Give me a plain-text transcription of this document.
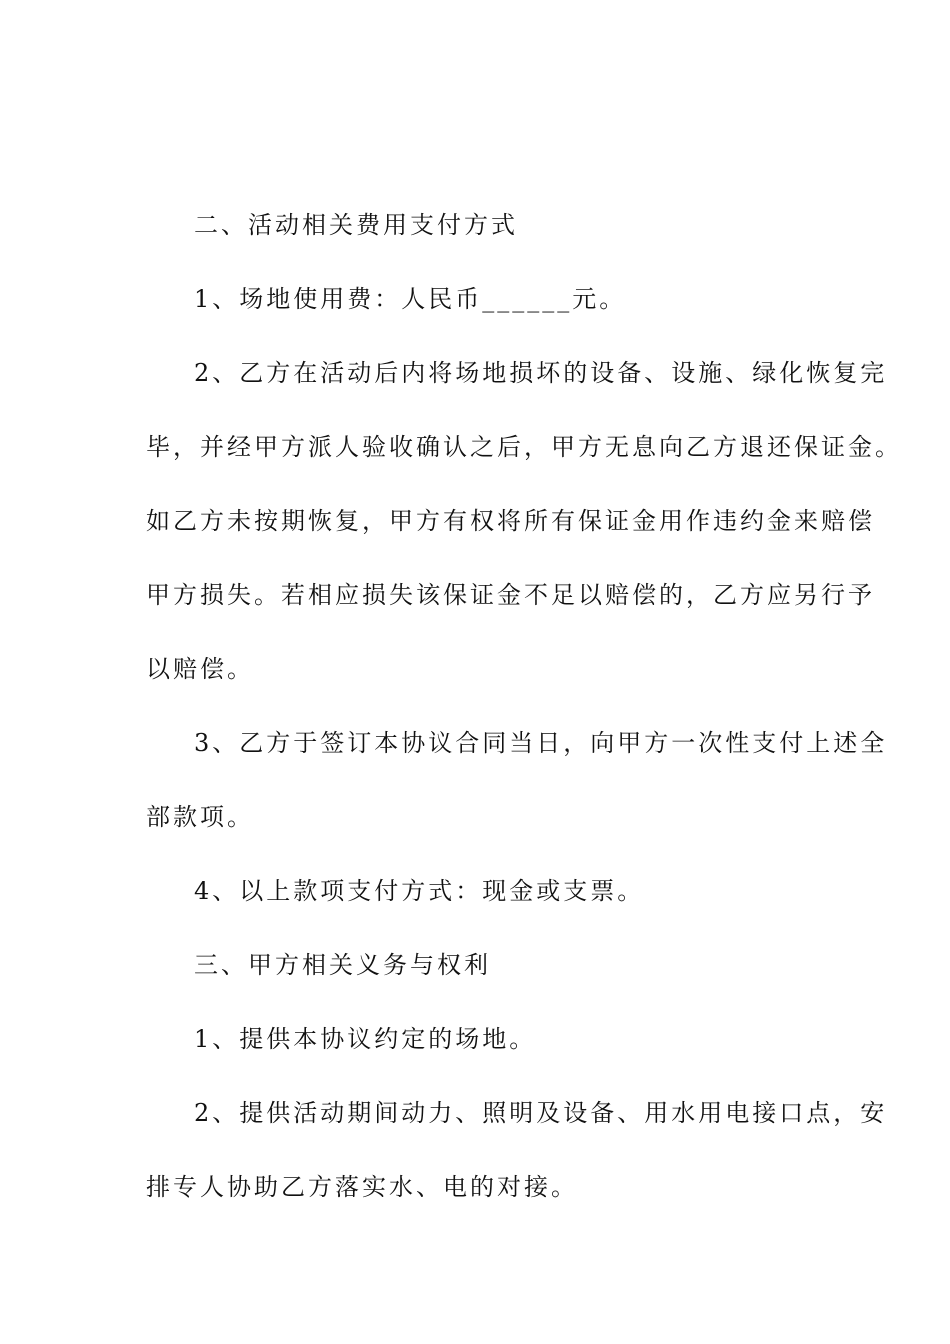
二、活动相关费用支付方式
1、场地使用费：人民币______元。
2、乙方在活动后内将场地损坏的设备、设施、绿化恢复完
毕，并经甲方派人验收确认之后，甲方无息向乙方退还保证金。
如乙方未按期恢复，甲方有权将所有保证金用作违约金来赔偿
甲方损失。若相应损失该保证金不足以赔偿的，乙方应另行予
以赔偿。
3、乙方于签订本协议合同当日，向甲方一次性支付上述全
部款项。
4、以上款项支付方式：现金或支票。
三、甲方相关义务与权利
1、提供本协议约定的场地。
2、提供活动期间动力、照明及设备、用水用电接口点，安
排专人协助乙方落实水、电的对接。
